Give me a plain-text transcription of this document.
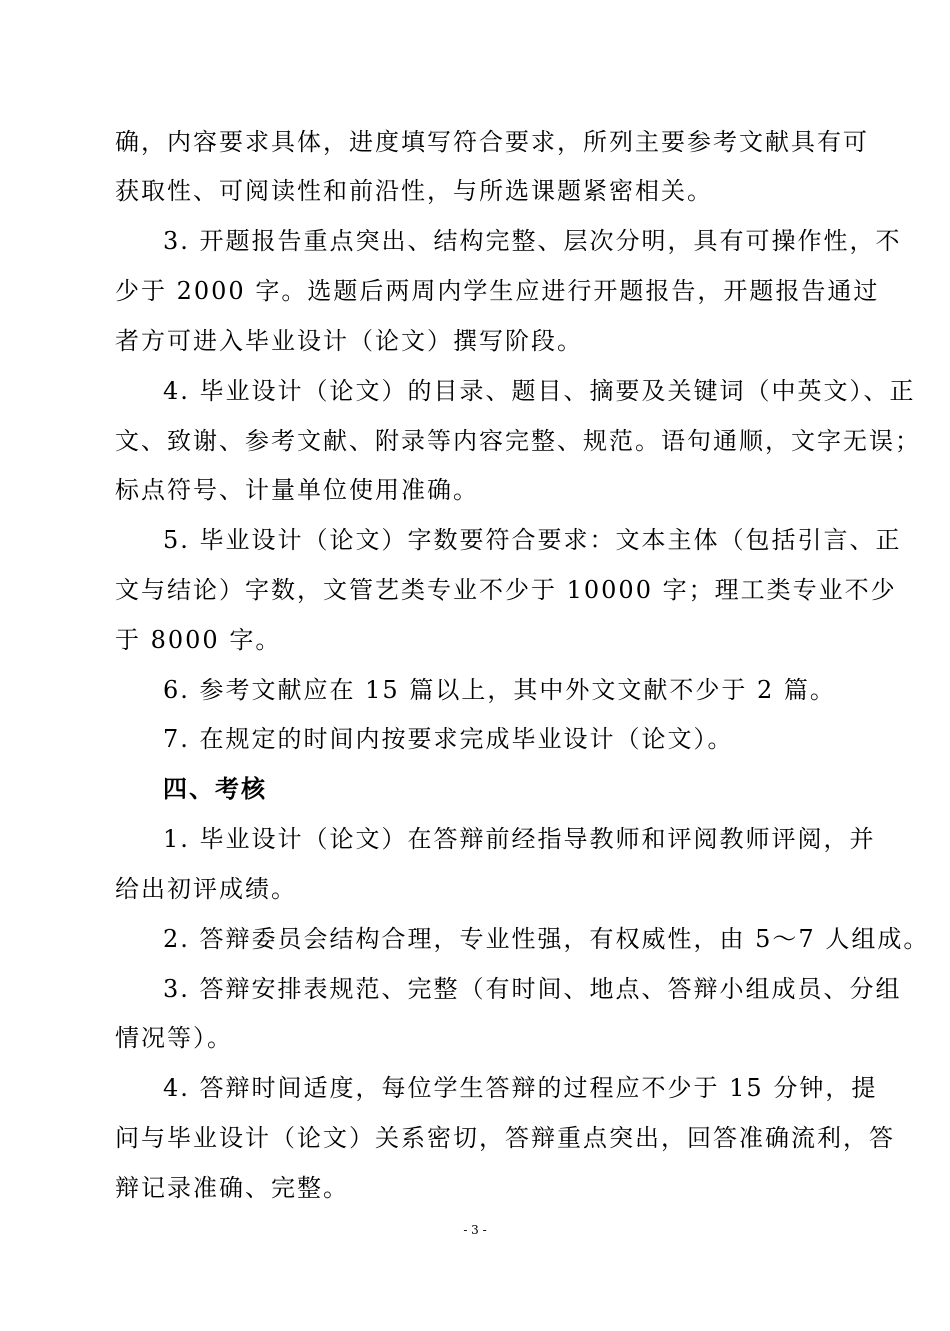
确，内容要求具体，进度填写符合要求，所列主要参考文献具有可
获取性、可阅读性和前沿性，与所选课题紧密相关。
3. 开题报告重点突出、结构完整、层次分明，具有可操作性，不
少于 2000 字。选题后两周内学生应进行开题报告，开题报告通过
者方可进入毕业设计（论文）撰写阶段。
4. 毕业设计（论文）的目录、题目、摘要及关键词（中英文）、正
文、致谢、参考文献、附录等内容完整、规范。语句通顺，文字无误；
标点符号、计量单位使用准确。
5. 毕业设计（论文）字数要符合要求：文本主体（包括引言、正
文与结论）字数，文管艺类专业不少于 10000 字；理工类专业不少
于 8000 字。
6. 参考文献应在 15 篇以上，其中外文文献不少于 2 篇。
7. 在规定的时间内按要求完成毕业设计（论文）。
四、考核
1. 毕业设计（论文）在答辩前经指导教师和评阅教师评阅，并
给出初评成绩。
2. 答辩委员会结构合理，专业性强，有权威性，由 5～7 人组成。
3. 答辩安排表规范、完整（有时间、地点、答辩小组成员、分组
情况等）。
4. 答辩时间适度，每位学生答辩的过程应不少于 15 分钟，提
问与毕业设计（论文）关系密切，答辩重点突出，回答准确流利，答
辩记录准确、完整。
- 3 -
